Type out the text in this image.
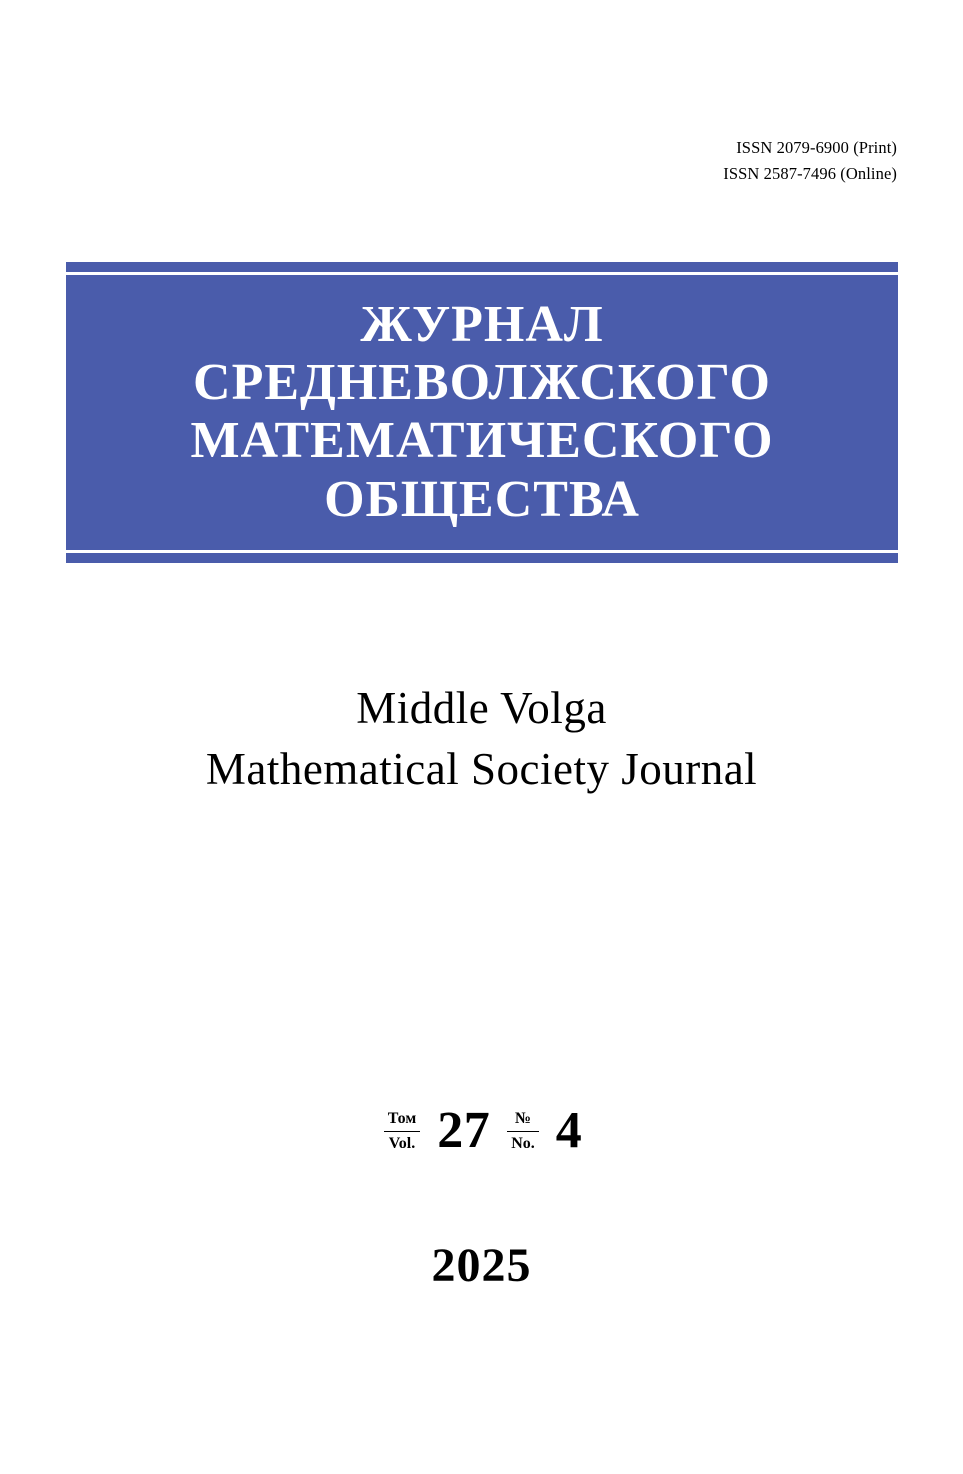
ISSN 2079-6900 (Print)
ISSN 2587-7496 (Online)
ЖУРНАЛ
СРЕДНЕВОЛЖСКОГО
МАТЕМАТИЧЕСКОГО
ОБЩЕСТВА
Middle Volga
Mathematical Society Journal
Том
Vol. 27	№
No. 4
2025
